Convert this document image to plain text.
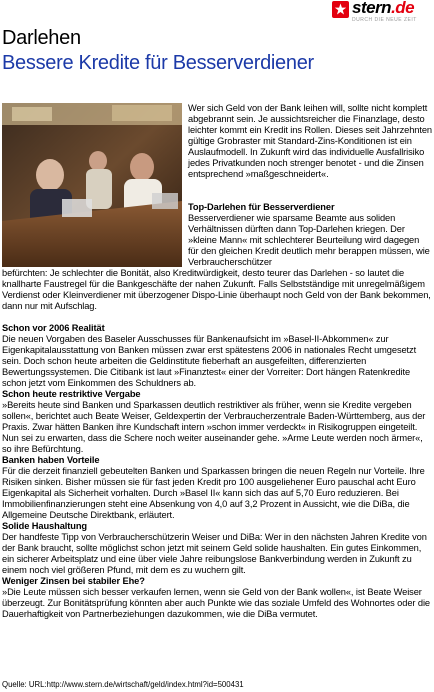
stern.de
DURCH DIE NEUE ZEIT
Darlehen
Bessere Kredite für Besserverdiener
Wer sich Geld von der Bank leihen will, sollte nicht komplett abgebrannt sein. Je aussichtsreicher die Finanzlage, desto leichter kommt ein Kredit ins Rollen. Dieses seit Jahrzehnten gültige Grobraster mit Standard-Zins-Konditionen ist ein Auslaufmodell. In Zukunft wird das individuelle Ausfallrisiko jedes Privatkunden noch strenger benotet - und die Zinsen entsprechend »maßgeschneidert«.
Top-Darlehen für Besserverdiener
Besserverdiener wie sparsame Beamte aus soliden Verhältnissen dürften dann Top-Darlehen kriegen. Der »kleine Mann« mit schlechterer Beurteilung wird dagegen für den gleichen Kredit deutlich mehr berappen müssen, wie Verbraucherschützer
befürchten: Je schlechter die Bonität, also Kreditwürdigkeit, desto teurer das Darlehen - so lautet die knallharte Faustregel für die Bankgeschäfte der nahen Zukunft. Falls Selbstständige mit unregelmäßigem Verdienst oder Kleinverdiener mit überzogener Dispo-Linie überhaupt noch Geld von der Bank bekommen, dann nur mit Aufschlag.
Schon vor 2006 Realität

Die neuen Vorgaben des Baseler Ausschusses für Bankenaufsicht im »Basel-II-Abkommen« zur Eigenkapitalausstattung von Banken müssen zwar erst spätestens 2006 in nationales Recht umgesetzt sein. Doch schon heute arbeiten die Geldinstitute fieberhaft an ausgefeilten, differenzierten Bewertungssystemen. Die Citibank ist laut »Finanztest« einer der Vorreiter: Dort hängen Ratenkredite schon jetzt vom Einkommen des Schuldners ab.

Schon heute restriktive Vergabe

»Bereits heute sind Banken und Sparkassen deutlich restriktiver als früher, wenn sie Kredite vergeben sollen«, berichtet auch Beate Weiser, Geldexpertin der Verbraucherzentrale Baden-Württemberg, aus der Praxis. Zwar hätten Banken ihre Kundschaft intern »schon immer verdeckt« in Risikogruppen eingeteilt. Nun sei zu erwarten, dass die Schere noch weiter auseinander gehe. »Arme Leute werden noch ärmer«, so ihre Befürchtung.

Banken haben Vorteile

Für die derzeit finanziell gebeutelten Banken und Sparkassen bringen die neuen Regeln nur Vorteile. Ihre Risiken sinken. Bisher müssen sie für fast jeden Kredit pro 100 ausgeliehener Euro pauschal acht Euro Eigenkapital als Sicherheit vorhalten. Durch »Basel II« kann sich das auf 5,70 Euro reduzieren. Bei Immobilienfinanzierungen steht eine Absenkung von 4,0 auf 3,2 Prozent in Aussicht, wie die DiBa, die Allgemeine Deutsche Direktbank, erläutert.

Solide Haushaltung

Der handfeste Tipp von Verbraucherschützerin Weiser und DiBa: Wer in den nächsten Jahren Kredite von der Bank braucht, sollte möglichst schon jetzt mit seinem Geld solide haushalten. Ein gutes Einkommen, ein sicherer Arbeitsplatz und eine über viele Jahre reibungslose Bankverbindung werden in Zukunft zu einem noch viel größeren Pfund, mit dem es zu wuchern gilt.

Weniger Zinsen bei stabiler Ehe?

»Die Leute müssen sich besser verkaufen lernen, wenn sie Geld von der Bank wollen«, ist Beate Weiser überzeugt. Zur Bonitätsprüfung könnten aber auch Punkte wie das soziale Umfeld des Wohnortes oder die Dauerhaftigkeit von Partnerbeziehungen dazukommen, wie die DiBa vermutet.

Quelle: URL:http://www.stern.de/wirtschaft/geld/index.html?id=500431
